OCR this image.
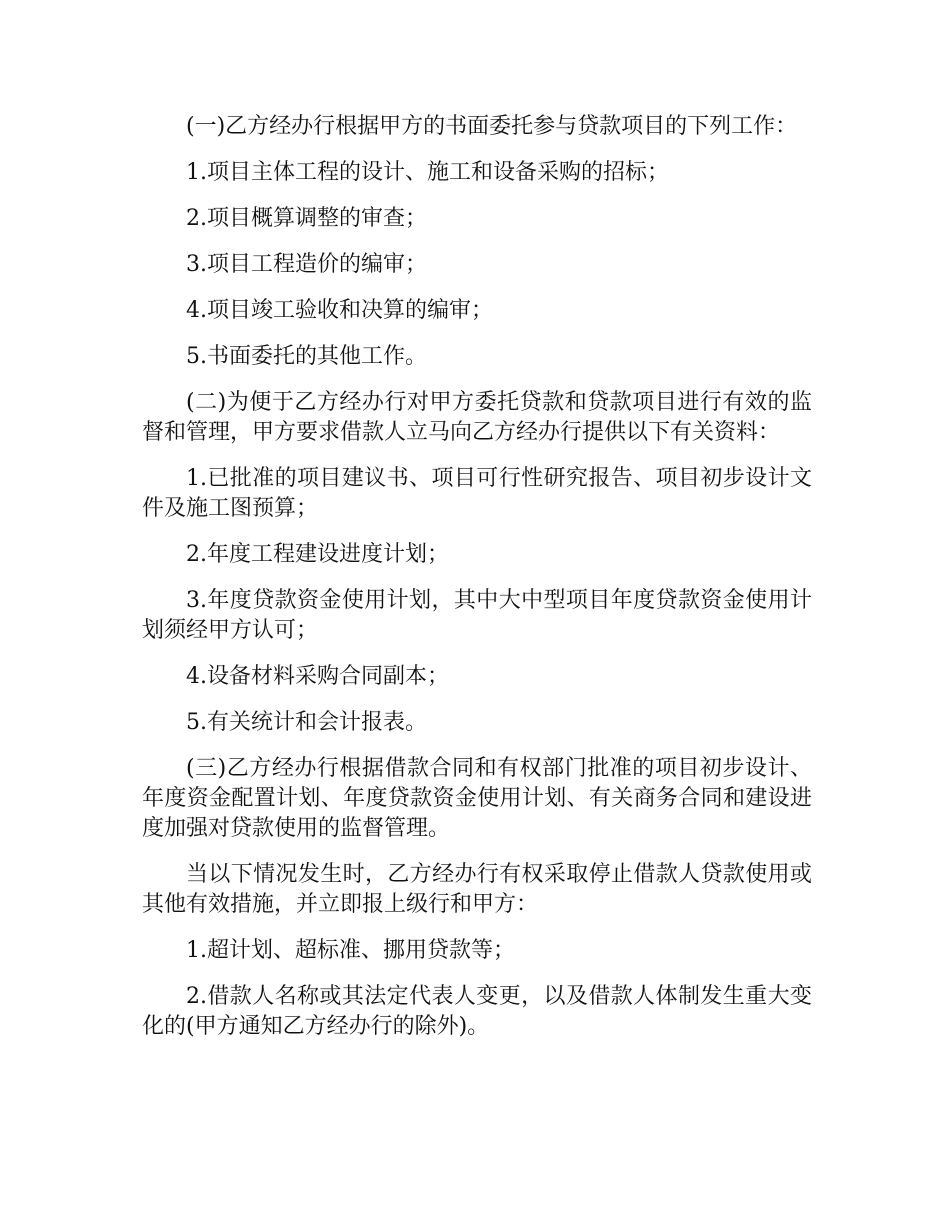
(一)乙方经办行根据甲方的书面委托参与贷款项目的下列工作：

1.项目主体工程的设计、施工和设备采购的招标；

2.项目概算调整的审查；

3.项目工程造价的编审；

4.项目竣工验收和决算的编审；

5.书面委托的其他工作。

(二)为便于乙方经办行对甲方委托贷款和贷款项目进行有效的监督和管理，甲方要求借款人立马向乙方经办行提供以下有关资料：

1.已批准的项目建议书、项目可行性研究报告、项目初步设计文件及施工图预算；

2.年度工程建设进度计划；

3.年度贷款资金使用计划，其中大中型项目年度贷款资金使用计划须经甲方认可；

4.设备材料采购合同副本；

5.有关统计和会计报表。

(三)乙方经办行根据借款合同和有权部门批准的项目初步设计、年度资金配置计划、年度贷款资金使用计划、有关商务合同和建设进度加强对贷款使用的监督管理。

当以下情况发生时，乙方经办行有权采取停止借款人贷款使用或其他有效措施，并立即报上级行和甲方：

1.超计划、超标准、挪用贷款等；

2.借款人名称或其法定代表人变更，以及借款人体制发生重大变化的(甲方通知乙方经办行的除外)。
